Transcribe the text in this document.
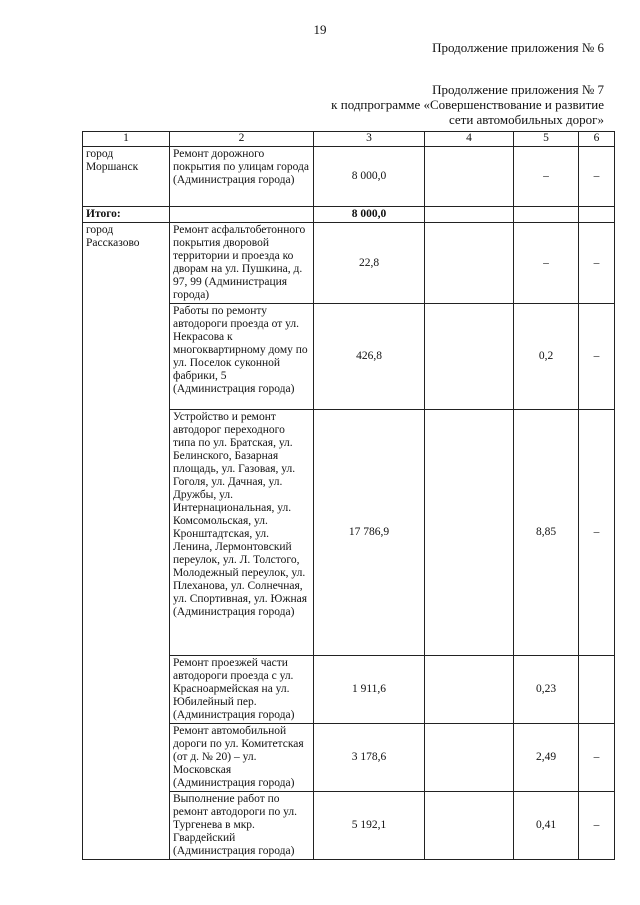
19
Продолжение приложения № 6
Продолжение приложения № 7
к подпрограмме «Совершенствование и развитие
сети автомобильных дорог»
1	2	3	4	5	6
город Моршанск	Ремонт дорожного покрытия по улицам города (Администрация города)	8 000,0		–	–
Итого:		8 000,0			
город Рассказово	Ремонт асфальтобетонного покрытия дворовой территории и проезда ко дворам на ул. Пушкина, д. 97, 99 (Администрация города)	22,8		–	–
	Работы по ремонту автодороги проезда от ул. Некрасова к многоквартирному дому по ул. Поселок суконной фабрики, 5 (Администрация города)	426,8		0,2	–
	Устройство и ремонт автодорог переходного типа по ул. Братская, ул. Белинского, Базарная площадь, ул. Газовая, ул. Гоголя, ул. Дачная, ул. Дружбы, ул. Интернациональная, ул. Комсомольская, ул. Кронштадтская, ул. Ленина, Лермонтовский переулок, ул. Л. Толстого, Молодежный переулок, ул. Плеханова, ул. Солнечная, ул. Спортивная, ул. Южная (Администрация города)	17 786,9		8,85	–
	Ремонт проезжей части автодороги проезда с ул. Красноармейская на ул. Юбилейный пер. (Администрация города)	1 911,6		0,23	
	Ремонт автомобильной дороги по ул. Комитетская (от д. № 20) – ул. Московская (Администрация города)	3 178,6		2,49	–
	Выполнение работ по ремонт автодороги по ул. Тургенева в мкр. Гвардейский (Администрация города)	5 192,1		0,41	–
